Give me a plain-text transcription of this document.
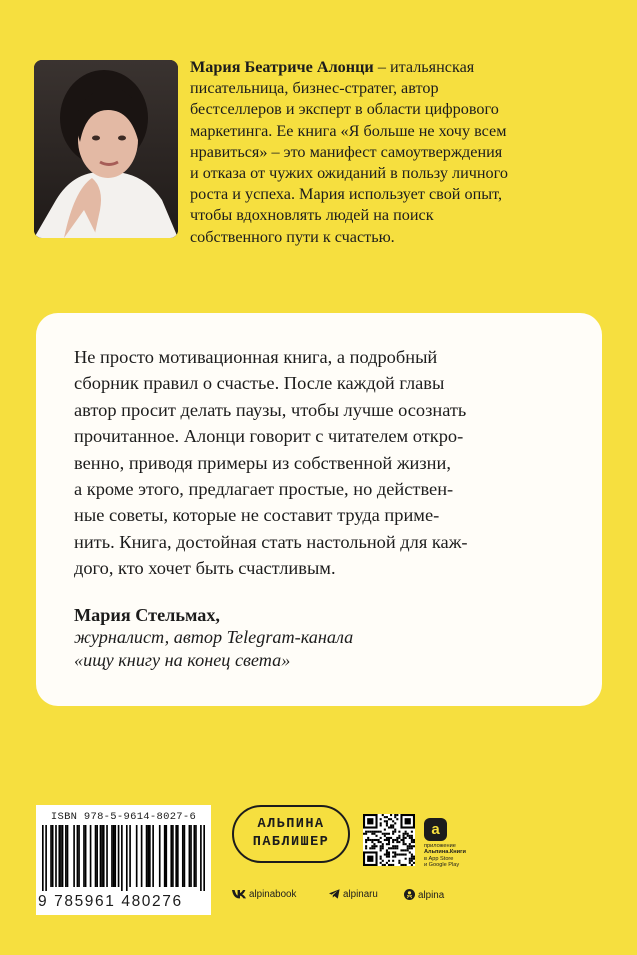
Мария Беатриче Алонци – итальянская
писательница, бизнес-стратег, автор
бестселлеров и эксперт в области цифрового
маркетинга. Ее книга «Я больше не хочу всем
нравиться» – это манифест самоутверждения
и отказа от чужих ожиданий в пользу личного
роста и успеха. Мария использует свой опыт,
чтобы вдохновлять людей на поиск
собственного пути к счастью.
Не просто мотивационная книга, а подробный
сборник правил о счастье. После каждой главы
автор просит делать паузы, чтобы лучше осознать
прочитанное. Алонци говорит с читателем откро-
венно, приводя примеры из собственной жизни,
а кроме этого, предлагает простые, но действен-
ные советы, которые не составит труда приме-
нить. Книга, достойная стать настольной для каж-
дого, кто хочет быть счастливым.
Мария Стельмах,
журналист, автор Telegram-канала
«ищу книгу на конец света»
ISBN 978-5-9614-8027-6
9 785961 480276
АЛЬПИНА
ПАБЛИШЕР
a
приложение
Альпина.Книги
в App Store
и Google Play
alpinabook	alpinaru	alpina
